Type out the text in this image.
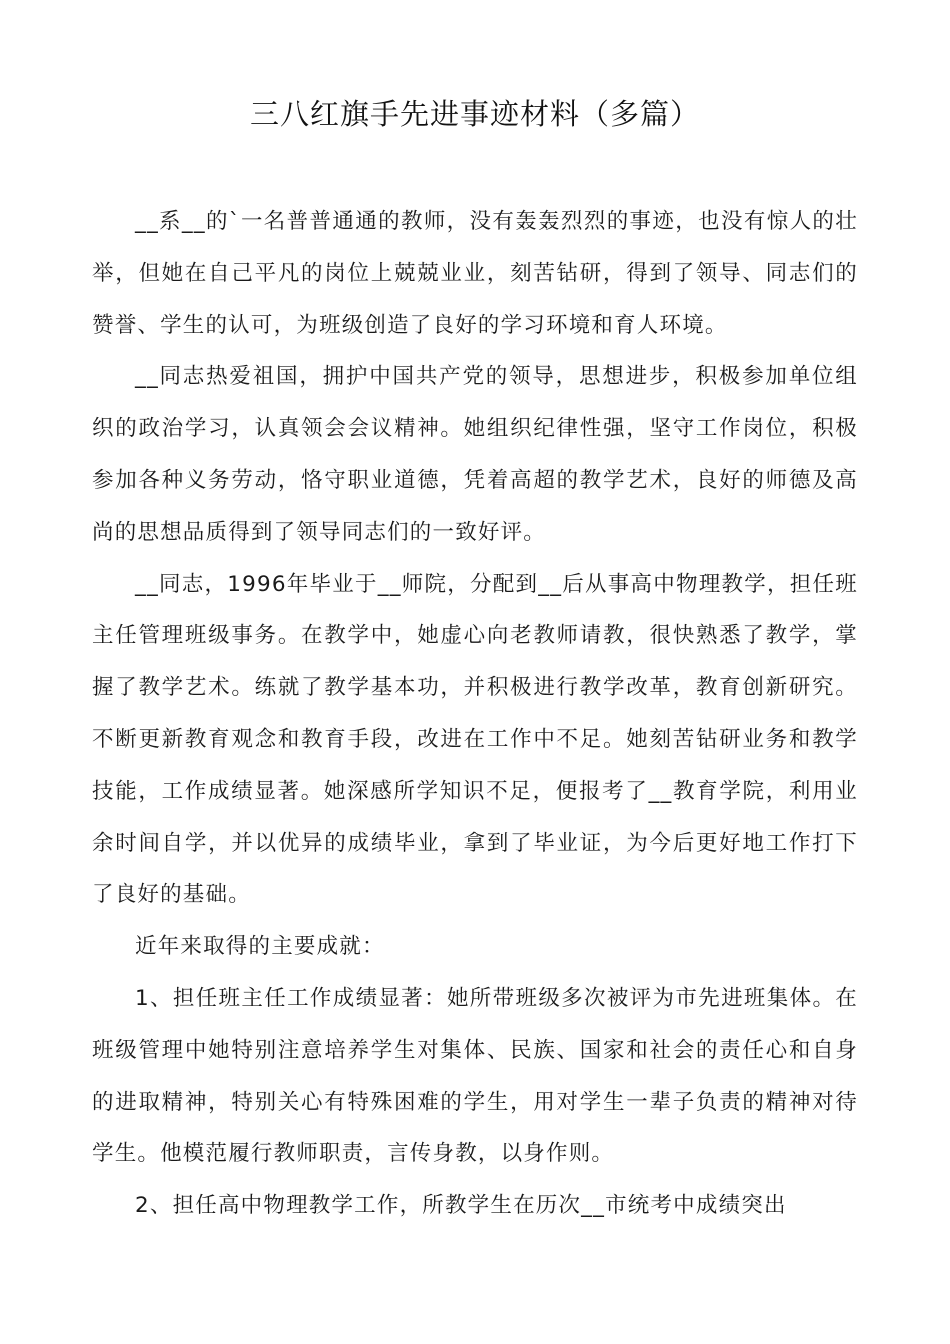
三八红旗手先进事迹材料（多篇）

__系__的`一名普普通通的教师，没有轰轰烈烈的事迹，也没有惊人的壮举，但她在自己平凡的岗位上兢兢业业，刻苦钻研，得到了领导、同志们的赞誉、学生的认可，为班级创造了良好的学习环境和育人环境。

__同志热爱祖国，拥护中国共产党的领导，思想进步，积极参加单位组织的政治学习，认真领会会议精神。她组织纪律性强，坚守工作岗位，积极参加各种义务劳动，恪守职业道德，凭着高超的教学艺术，良好的师德及高尚的思想品质得到了领导同志们的一致好评。

__同志，1996年毕业于__师院，分配到__后从事高中物理教学，担任班主任管理班级事务。在教学中，她虚心向老教师请教，很快熟悉了教学，掌握了教学艺术。练就了教学基本功，并积极进行教学改革，教育创新研究。不断更新教育观念和教育手段，改进在工作中不足。她刻苦钻研业务和教学技能，工作成绩显著。她深感所学知识不足，便报考了__教育学院，利用业余时间自学，并以优异的成绩毕业，拿到了毕业证，为今后更好地工作打下了良好的基础。

近年来取得的主要成就：

1、担任班主任工作成绩显著：她所带班级多次被评为市先进班集体。在班级管理中她特别注意培养学生对集体、民族、国家和社会的责任心和自身的进取精神，特别关心有特殊困难的学生，用对学生一辈子负责的精神对待学生。他模范履行教师职责，言传身教，以身作则。

2、担任高中物理教学工作，所教学生在历次__市统考中成绩突出
